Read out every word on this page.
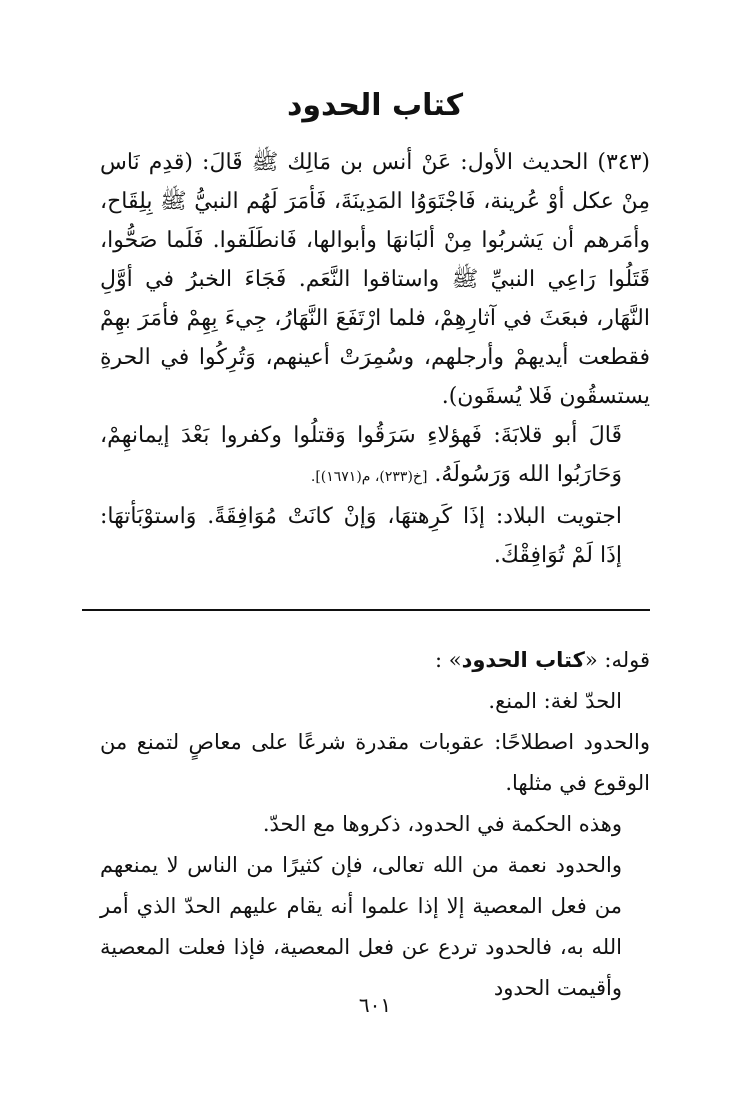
كتاب الحدود

(٣٤٣) الحديث الأول: عَنْ أنس بن مَالِك ﷺ قَالَ: (قدِم نَاس مِنْ عكل أوْ عُرينة، فَاجْتَوَوُا المَدِينَةَ، فَأمَرَ لَهُم النبيُّ ﷺ بِلِقَاح، وأمَرهم أن يَشربُوا مِنْ ألبَانهَا وأبوالها، فَانطَلَقوا. فَلَما صَحُّوا، قَتَلُوا رَاعِي النبيِّ ﷺ واستاقوا النَّعَم. فَجَاءَ الخبرُ في أوَّلِ النَّهَار، فبعَثَ في آثارِهِمْ، فلما ارْتَفَعَ النَّهَارُ، جِيءَ بِهِمْ فأمَرَ بهِمْ فقطعت أيديهمْ وأرجلهم، وسُمِرَتْ أعينهم، وَتُرِكُوا في الحرةِ يستسقُون فَلا يُسقَون).

قَالَ أبو قلابَةَ: فَهؤلاءِ سَرَقُوا وَقتلُوا وكفروا بَعْدَ إيمانهِمْ، وَحَارَبُوا الله وَرَسُولَهُ. [خ(٢٣٣)، م(١٦٧١)].

اجتويت البلاد: إذَا كَرِهتهَا، وَإنْ كانَتْ مُوَافِقَةً. وَاستوْبَأتهَا: إذَا لَمْ تُوَافِقْكَ.

قوله: «كتاب الحدود» :

الحدّ لغة: المنع.

والحدود اصطلاحًا: عقوبات مقدرة شرعًا على معاصٍ لتمنع من الوقوع في مثلها.

وهذه الحكمة في الحدود، ذكروها مع الحدّ.

والحدود نعمة من الله تعالى، فإن كثيرًا من الناس لا يمنعهم من فعل المعصية إلا إذا علموا أنه يقام عليهم الحدّ الذي أمر الله به، فالحدود تردع عن فعل المعصية، فإذا فعلت المعصية وأقيمت الحدود

٦٠١
